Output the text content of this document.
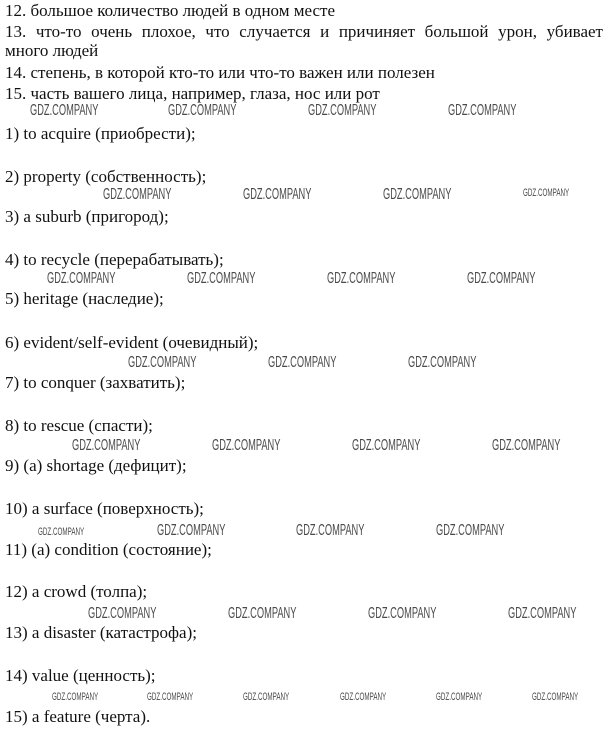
12. большое количество людей в одном месте
13. что-то очень плохое, что случается и причиняет большой урон, убивает
много людей
14. степень, в которой кто-то или что-то важен или полезен
15. часть вашего лица, например, глаза, нос или рот
1) to acquire (приобрести);
2) property (собственность);
3) a suburb (пригород);
4) to recycle (перерабатывать);
5) heritage (наследие);
6) evident/self-evident (очевидный);
7) to conquer (захватить);
8) to rescue (спасти);
9) (a) shortage (дефицит);
10) a surface (поверхность);
11) (a) condition (состояние);
12) a crowd (толпа);
13) a disaster (катастрофа);
14) value (ценность);
15) a feature (черта).
GDZ.COMPANY	GDZ.COMPANY	GDZ.COMPANY	GDZ.COMPANY
GDZ.COMPANY	GDZ.COMPANY	GDZ.COMPANY	GDZ.COMPANY
GDZ.COMPANY	GDZ.COMPANY	GDZ.COMPANY	GDZ.COMPANY
GDZ.COMPANY	GDZ.COMPANY	GDZ.COMPANY
GDZ.COMPANY	GDZ.COMPANY	GDZ.COMPANY	GDZ.COMPANY
GDZ.COMPANY	GDZ.COMPANY	GDZ.COMPANY	GDZ.COMPANY
GDZ.COMPANY	GDZ.COMPANY	GDZ.COMPANY	GDZ.COMPANY
GDZ.COMPANY	GDZ.COMPANY	GDZ.COMPANY	GDZ.COMPANY	GDZ.COMPANY	GDZ.COMPANY
